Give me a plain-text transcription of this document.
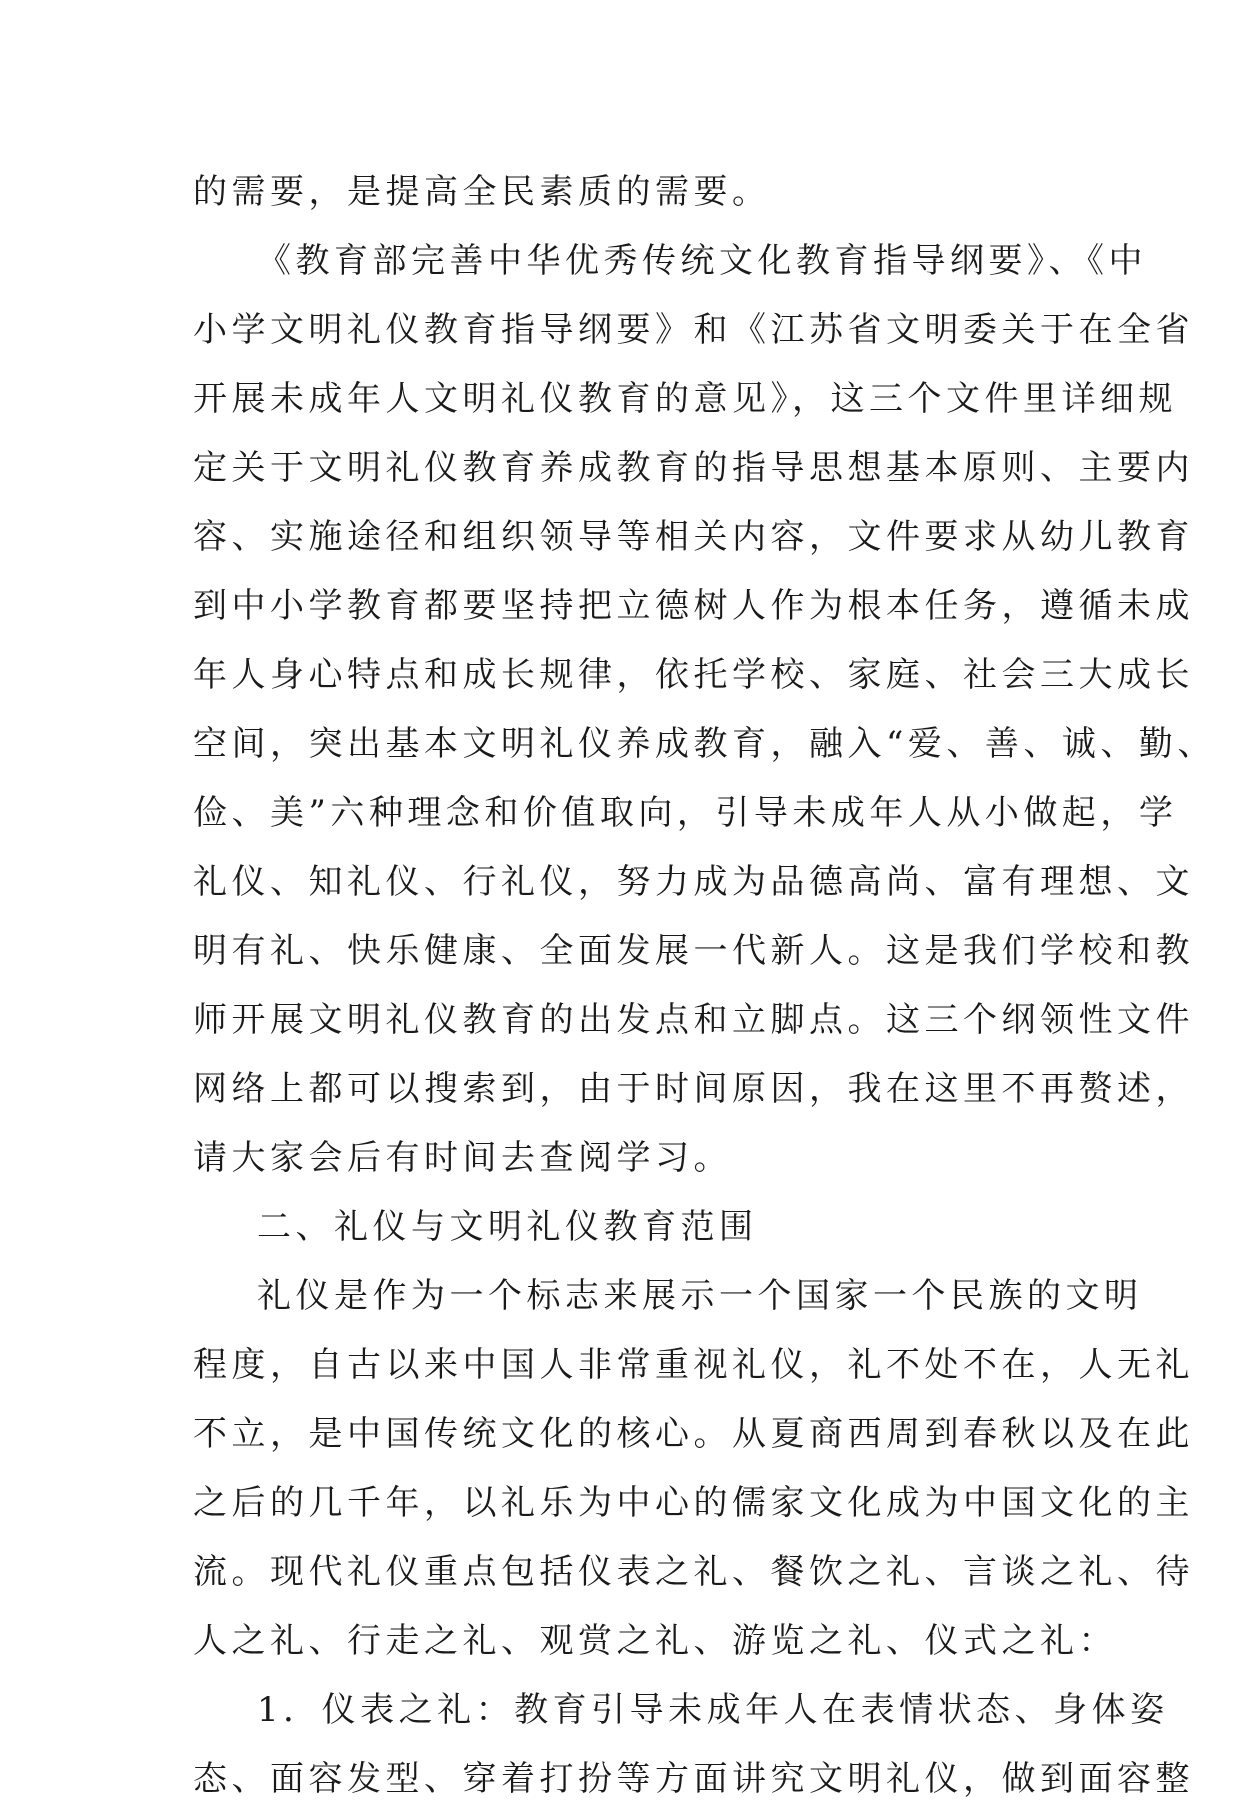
的需要，是提高全民素质的需要。
《教育部完善中华优秀传统文化教育指导纲要》、《中
小学文明礼仪教育指导纲要》和《江苏省文明委关于在全省
开展未成年人文明礼仪教育的意见》，这三个文件里详细规
定关于文明礼仪教育养成教育的指导思想基本原则、主要内
容、实施途径和组织领导等相关内容，文件要求从幼儿教育
到中小学教育都要坚持把立德树人作为根本任务，遵循未成
年人身心特点和成长规律，依托学校、家庭、社会三大成长
空间，突出基本文明礼仪养成教育，融入“爱、善、诚、勤、
俭、美”六种理念和价值取向，引导未成年人从小做起，学
礼仪、知礼仪、行礼仪，努力成为品德高尚、富有理想、文
明有礼、快乐健康、全面发展一代新人。这是我们学校和教
师开展文明礼仪教育的出发点和立脚点。这三个纲领性文件
网络上都可以搜索到，由于时间原因，我在这里不再赘述，
请大家会后有时间去查阅学习。
二、礼仪与文明礼仪教育范围
礼仪是作为一个标志来展示一个国家一个民族的文明
程度，自古以来中国人非常重视礼仪，礼不处不在，人无礼
不立，是中国传统文化的核心。从夏商西周到春秋以及在此
之后的几千年，以礼乐为中心的儒家文化成为中国文化的主
流。现代礼仪重点包括仪表之礼、餐饮之礼、言谈之礼、待
人之礼、行走之礼、观赏之礼、游览之礼、仪式之礼：
1．仪表之礼：教育引导未成年人在表情状态、身体姿
态、面容发型、穿着打扮等方面讲究文明礼仪，做到面容整
